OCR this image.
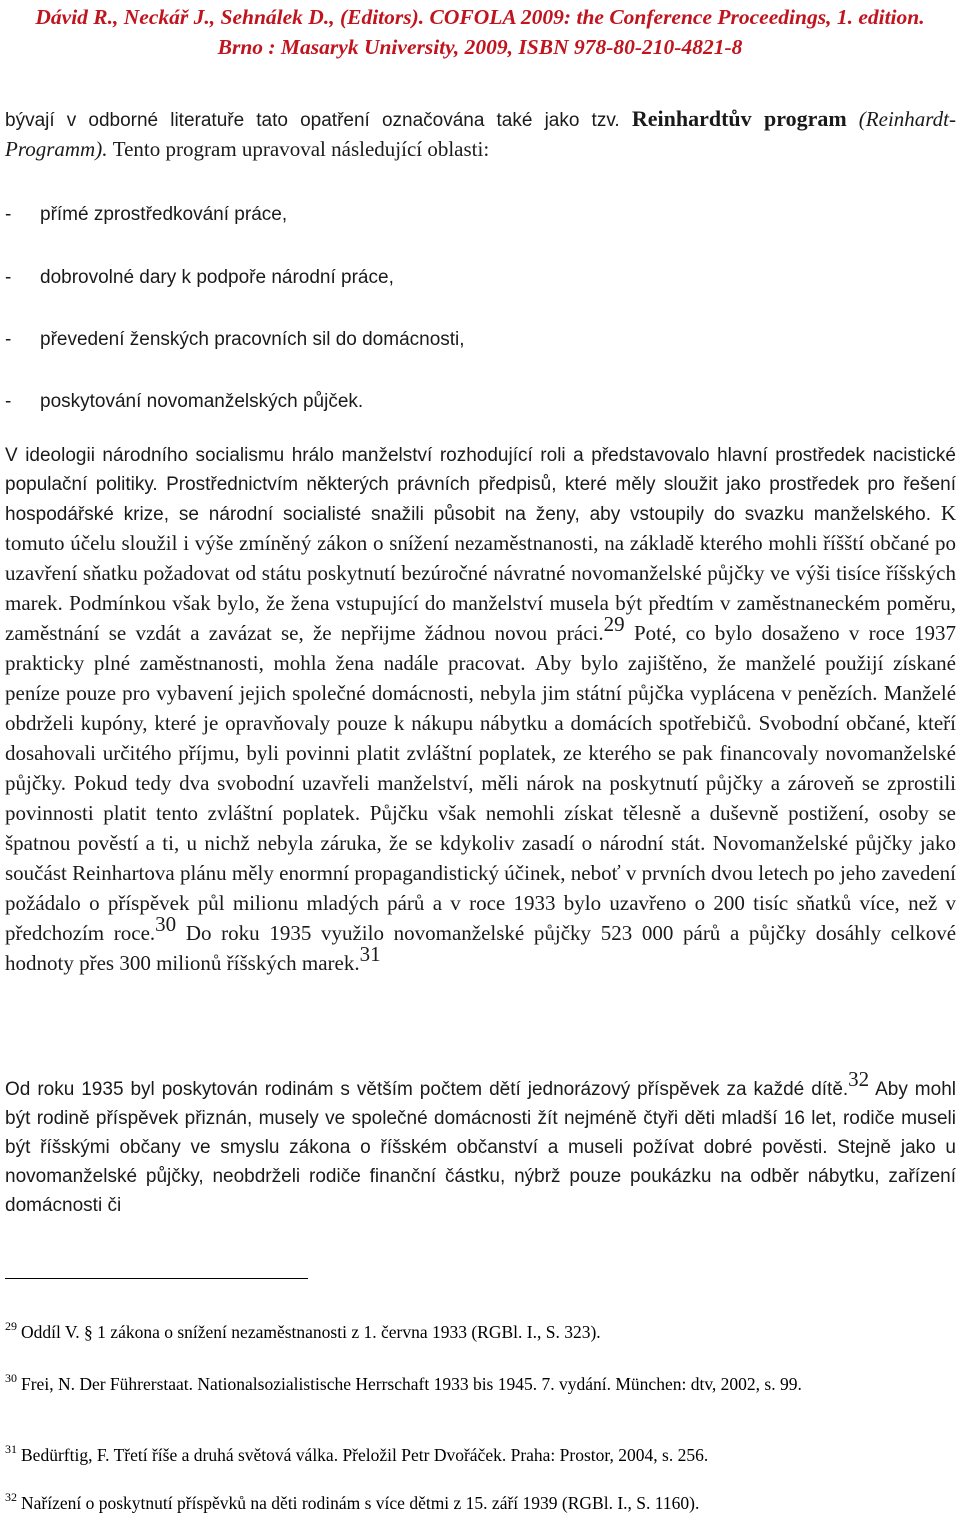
Dávid R., Neckář J., Sehnálek D., (Editors). COFOLA 2009: the Conference Proceedings, 1. edition.
Brno : Masaryk University, 2009, ISBN 978-80-210-4821-8

bývají v odborné literatuře tato opatření označována také jako tzv. Reinhardtův program (Reinhardt-Programm). Tento program upravoval následující oblasti:

- přímé zprostředkování práce,
- dobrovolné dary k podpoře národní práce,
- převedení ženských pracovních sil do domácnosti,
- poskytování novomanželských půjček.

V ideologii národního socialismu hrálo manželství rozhodující roli a představovalo hlavní prostředek nacistické populační politiky. Prostřednictvím některých právních předpisů, které měly sloužit jako prostředek pro řešení hospodářské krize, se národní socialisté snažili působit na ženy, aby vstoupily do svazku manželského. K tomuto účelu sloužil i výše zmíněný zákon o snížení nezaměstnanosti, na základě kterého mohli říšští občané po uzavření sňatku požadovat od státu poskytnutí bezúročné návratné novomanželské půjčky ve výši tisíce říšských marek. Podmínkou však bylo, že žena vstupující do manželství musela být předtím v zaměstnaneckém poměru, zaměstnání se vzdát a zavázat se, že nepřijme žádnou novou práci.$^{29}$ Poté, co bylo dosaženo v roce 1937 prakticky plné zaměstnanosti, mohla žena nadále pracovat. Aby bylo zajištěno, že manželé použijí získané peníze pouze pro vybavení jejich společné domácnosti, nebyla jim státní půjčka vyplácena v penězích. Manželé obdrželi kupóny, které je opravňovaly pouze k nákupu nábytku a domácích spotřebičů. Svobodní občané, kteří dosahovali určitého příjmu, byli povinni platit zvláštní poplatek, ze kterého se pak financovaly novomanželské půjčky. Pokud tedy dva svobodní uzavřeli manželství, měli nárok na poskytnutí půjčky a zároveň se zprostili povinnosti platit tento zvláštní poplatek. Půjčku však nemohli získat tělesně a duševně postižení, osoby se špatnou pověstí a ti, u nichž nebyla záruka, že se kdykoliv zasadí o národní stát. Novomanželské půjčky jako součást Reinhartova plánu měly enormní propagandistický účinek, neboť v prvních dvou letech po jeho zavedení požádalo o příspěvek půl milionu mladých párů a v roce 1933 bylo uzavřeno o 200 tisíc sňatků více, než v předchozím roce.$^{30}$ Do roku 1935 využilo novomanželské půjčky 523 000 párů a půjčky dosáhly celkové hodnoty přes 300 milionů říšských marek.$^{31}$

Od roku 1935 byl poskytován rodinám s větším počtem dětí jednorázový příspěvek za každé dítě.$^{32}$ Aby mohl být rodině příspěvek přiznán, musely ve společné domácnosti žít nejméně čtyři děti mladší 16 let, rodiče museli být říšskými občany ve smyslu zákona o říšském občanství a museli požívat dobré pověsti. Stejně jako u novomanželské půjčky, neobdrželi rodiče finanční částku, nýbrž pouze poukázku na odběr nábytku, zařízení domácnosti či

$^{29}$ Oddíl V. § 1 zákona o snížení nezaměstnanosti z 1. června 1933 (RGBl. I., S. 323).
$^{30}$ Frei, N. Der Führerstaat. Nationalsozialistische Herrschaft 1933 bis 1945. 7. vydání. München: dtv, 2002, s. 99.
$^{31}$ Bedürftig, F. Třetí říše a druhá světová válka. Přeložil Petr Dvořáček. Praha: Prostor, 2004, s. 256.
$^{32}$ Nařízení o poskytnutí příspěvků na děti rodinám s více dětmi z 15. září 1939 (RGBl. I., S. 1160).
